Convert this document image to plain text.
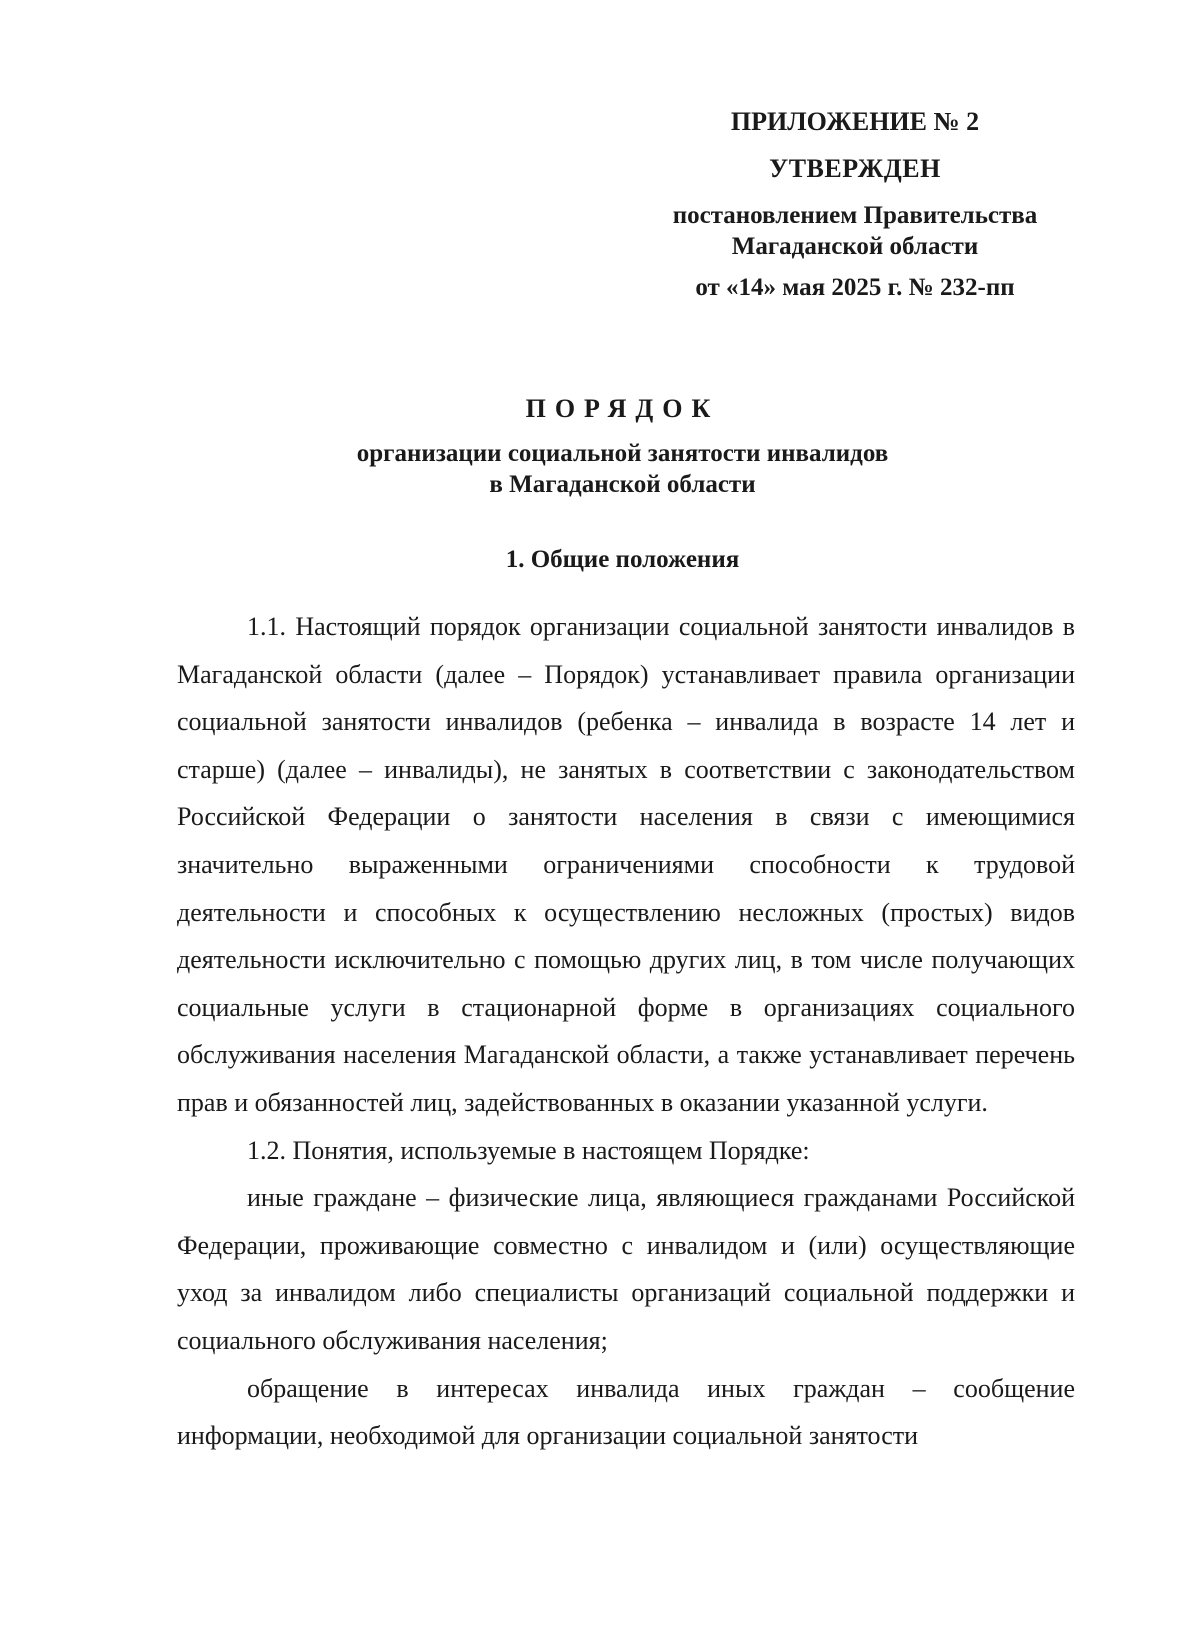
ПРИЛОЖЕНИЕ № 2
УТВЕРЖДЕН
постановлением Правительства
Магаданской области
от «14» мая 2025 г. № 232-пп
ПОРЯДОК
организации социальной занятости инвалидов
в Магаданской области
1. Общие положения

1.1. Настоящий порядок организации социальной занятости инвалидов в Магаданской области (далее – Порядок) устанавливает правила организации социальной занятости инвалидов (ребенка – инвалида в возрасте 14 лет и старше) (далее – инвалиды), не занятых в соответствии с законодательством Российской Федерации о занятости населения в связи с имеющимися значительно выраженными ограничениями способности к трудовой деятельности и способных к осуществлению несложных (простых) видов деятельности исключительно с помощью других лиц, в том числе получающих социальные услуги в стационарной форме в организациях социального обслуживания населения Магаданской области, а также устанавливает перечень прав и обязанностей лиц, задействованных в оказании указанной услуги.

1.2. Понятия, используемые в настоящем Порядке:

иные граждане – физические лица, являющиеся гражданами Российской Федерации, проживающие совместно с инвалидом и (или) осуществляющие уход за инвалидом либо специалисты организаций социальной поддержки и социального обслуживания населения;

обращение в интересах инвалида иных граждан – сообщение информации, необходимой для организации социальной занятости
